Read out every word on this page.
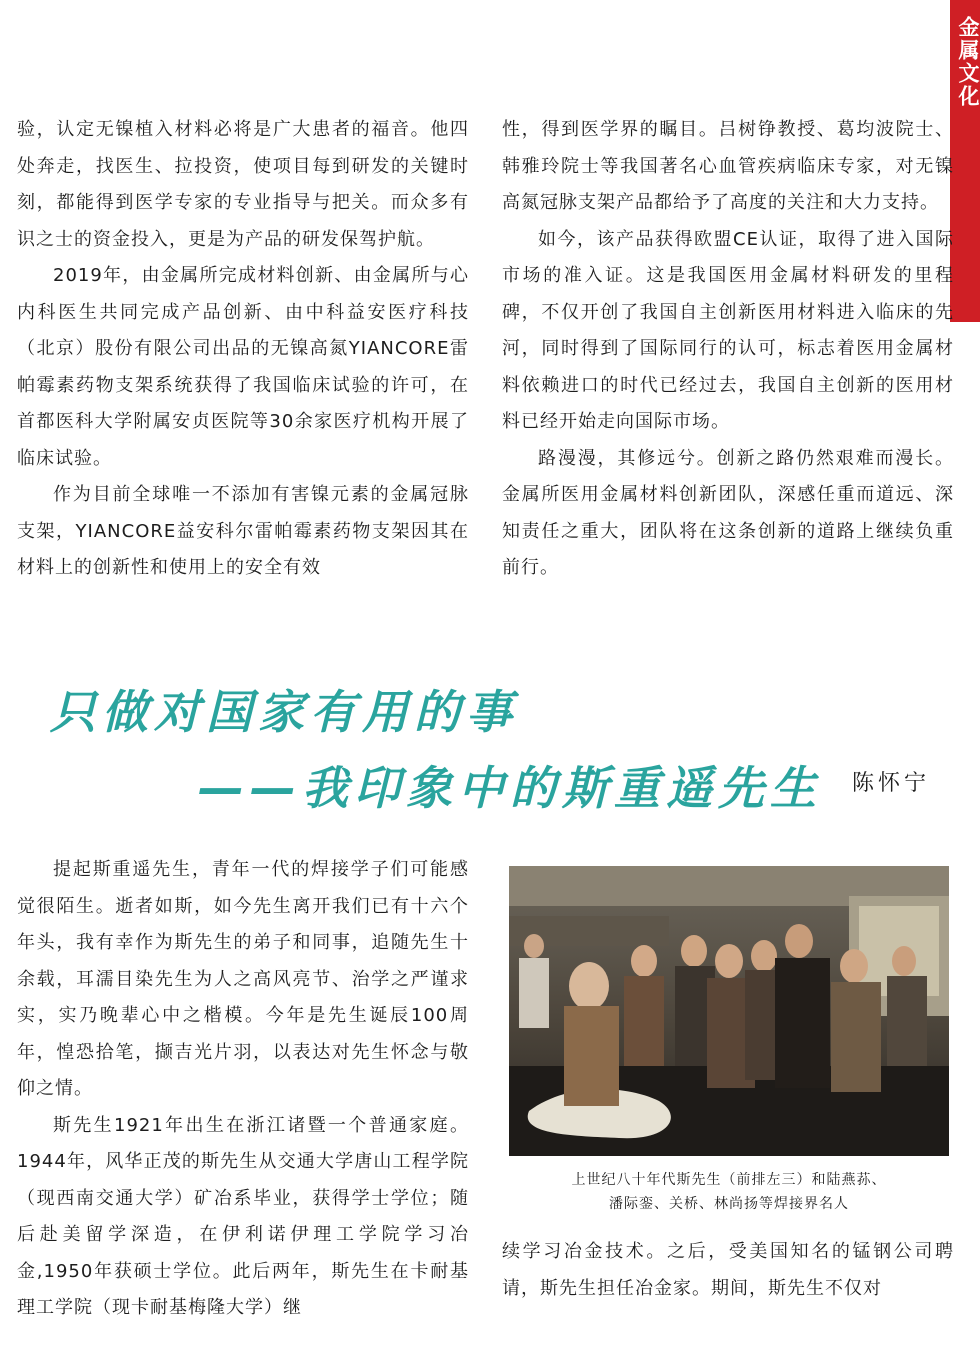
金属文化

验，认定无镍植入材料必将是广大患者的福音。他四处奔走，找医生、拉投资，使项目每到研发的关键时刻，都能得到医学专家的专业指导与把关。而众多有识之士的资金投入，更是为产品的研发保驾护航。

2019年，由金属所完成材料创新、由金属所与心内科医生共同完成产品创新、由中科益安医疗科技（北京）股份有限公司出品的无镍高氮YIANCORE雷帕霉素药物支架系统获得了我国临床试验的许可，在首都医科大学附属安贞医院等30余家医疗机构开展了临床试验。

作为目前全球唯一不添加有害镍元素的金属冠脉支架，YIANCORE益安科尔雷帕霉素药物支架因其在材料上的创新性和使用上的安全有效

性，得到医学界的瞩目。吕树铮教授、葛均波院士、韩雅玲院士等我国著名心血管疾病临床专家，对无镍高氮冠脉支架产品都给予了高度的关注和大力支持。

如今，该产品获得欧盟CE认证，取得了进入国际市场的准入证。这是我国医用金属材料研发的里程碑，不仅开创了我国自主创新医用材料进入临床的先河，同时得到了国际同行的认可，标志着医用金属材料依赖进口的时代已经过去，我国自主创新的医用材料已经开始走向国际市场。

路漫漫，其修远兮。创新之路仍然艰难而漫长。金属所医用金属材料创新团队，深感任重而道远、深知责任之重大，团队将在这条创新的道路上继续负重前行。

只做对国家有用的事
——我印象中的斯重遥先生 陈怀宁

提起斯重遥先生，青年一代的焊接学子们可能感觉很陌生。逝者如斯，如今先生离开我们已有十六个年头，我有幸作为斯先生的弟子和同事，追随先生十余载，耳濡目染先生为人之高风亮节、治学之严谨求实，实乃晚辈心中之楷模。今年是先生诞辰100周年，惶恐拾笔，撷吉光片羽，以表达对先生怀念与敬仰之情。

斯先生1921年出生在浙江诸暨一个普通家庭。1944年，风华正茂的斯先生从交通大学唐山工程学院（现西南交通大学）矿冶系毕业，获得学士学位；随后赴美留学深造，在伊利诺伊理工学院学习冶金,1950年获硕士学位。此后两年，斯先生在卡耐基理工学院（现卡耐基梅隆大学）继

上世纪八十年代斯先生（前排左三）和陆燕荪、
潘际銮、关桥、林尚扬等焊接界名人

续学习冶金技术。之后，受美国知名的锰钢公司聘请，斯先生担任冶金家。期间，斯先生不仅对
